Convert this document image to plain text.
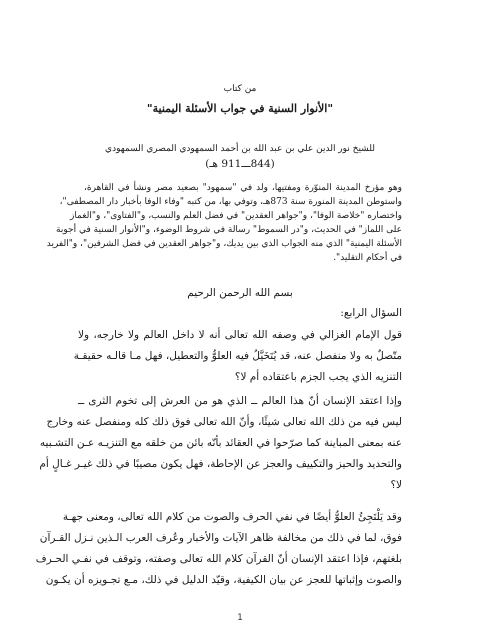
من كتاب
"الأنوار السنية في جواب الأسئلة اليمنية"
للشيخ نور الدين علي بن عبد الله بن أحمد السمهودي المصري السمهودي
(844ـــ911 هـ)
وهو مؤرخ المدينة المنوّرة ومفتيها، ولد في "سمهود" بصعيد مصر ونشأ في القاهرة،
واستوطن المدينة المنورة سنة 873هـ، وتوفي بها، من كتبه "وفاء الوفا بأخبار دار المصطفى"،
واختصاره "خلاصة الوفا"، و"جواهر العقدين" في فضل العلم والنسب، و"الفتاوى"، و"الغماز
على اللماز" في الحديث، و"در السموط" رسالة في شروط الوضوء، و"الأنوار السنية في أجوبة
الأسئلة اليمنية" الذي منه الجواب الذي بين يديك، و"جواهر العقدين في فضل الشرفين"، و"الفريد
في أحكام التقليد".
بسم الله الرحمن الرحيم
السؤال الرابع:
قول الإمام الغزالي في وصفه الله تعالى أنه لا داخل العالم ولا خارجه، ولا
متّصلٌ به ولا منفصل عنه، قد يُتَخَيَّلُ فيه العلوُّ والتعطيل، فهل مـا قالـه حقيقـة
التنزيه الذي يجب الجزم باعتقاده أم لا؟
وإذا اعتقد الإنسان أنّ هذا العالم ــ الذي هو من العرش إلى تخوم الثرى ــ
ليس فيه من ذلك الله تعالى شيئًا، وأنّ الله تعالى فوق ذلك كله ومنفصل عنه وخارج
عنه بمعنى المباينة كما صرّحوا في العقائد بأنّه بائن من خلقه مع التنزيـه عـن التشـبيه
والتحديد والحيز والتكييف والعجز عن الإحاطة، فهل يكون مصيبًا في ذلك غيـر غـالٍ أم
لا؟
وقد يَلْتَجِئُ العلوُّ أيضًا في نفي الحرف والصوت من كلام الله تعالى، ومعنى جهـة
فوق، لما في ذلك من مخالفة ظاهر الآيات والأخبار وعُرف العرب الـذين نـزل القـرآن
بلغتهم، فإذا اعتقد الإنسان أنّ القرآن كلام الله تعالى وصفته، وتوقف في نفـي الحـرف
والصوت وإثباتها للعجز عن بيان الكيفية، وقيّد الدليل في ذلك، مـع تجـويزه أن يكـون
1
